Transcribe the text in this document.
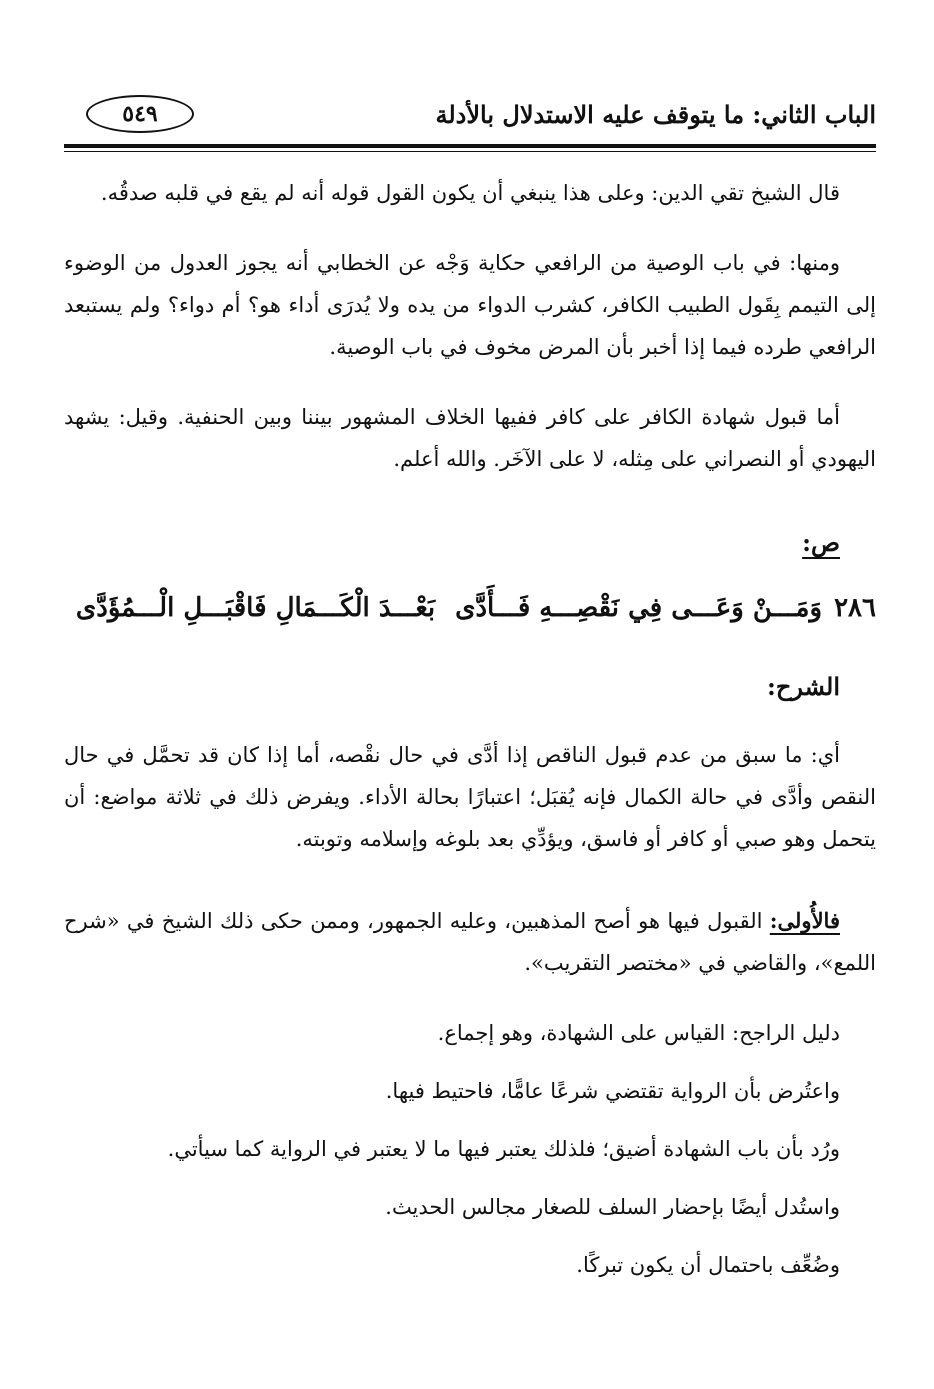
الباب الثاني: ما يتوقف عليه الاستدلال بالأدلة
٥٤٩
قال الشيخ تقي الدين: وعلى هذا ينبغي أن يكون القول قوله أنه لم يقع في قلبه صدقُه.
ومنها: في باب الوصية من الرافعي حكاية وَجْه عن الخطابي أنه يجوز العدول من الوضوء إلى التيمم بِقَول الطبيب الكافر، كشرب الدواء من يده ولا يُدرَى أداء هو؟ أم دواء؟ ولم يستبعد الرافعي طرده فيما إذا أخبر بأن المرض مخوف في باب الوصية.
أما قبول شهادة الكافر على كافر ففيها الخلاف المشهور بيننا وبين الحنفية. وقيل: يشهد اليهودي أو النصراني على مِثله، لا على الآخَر. والله أعلم.
ص:
٢٨٦
وَمَـــنْ وَعَـــى فِي نَقْصِـــهِ فَـــأَدَّى
بَعْـــدَ الْكَـــمَالِ فَاقْبَـــلِ الْـــمُؤَدَّى
الشرح:
أي: ما سبق من عدم قبول الناقص إذا أدَّى في حال نقْصه، أما إذا كان قد تحمَّل في حال النقص وأدَّى في حالة الكمال فإنه يُقبَل؛ اعتبارًا بحالة الأداء. ويفرض ذلك في ثلاثة مواضع: أن يتحمل وهو صبي أو كافر أو فاسق، ويؤدِّي بعد بلوغه وإسلامه وتوبته.
فالأُولى: القبول فيها هو أصح المذهبين، وعليه الجمهور، وممن حكى ذلك الشيخ في «شرح اللمع»، والقاضي في «مختصر التقريب».
دليل الراجح: القياس على الشهادة، وهو إجماع.
واعتُرض بأن الرواية تقتضي شرعًا عامًّا، فاحتيط فيها.
ورُد بأن باب الشهادة أضيق؛ فلذلك يعتبر فيها ما لا يعتبر في الرواية كما سيأتي.
واستُدل أيضًا بإحضار السلف للصغار مجالس الحديث.
وضُعِّف باحتمال أن يكون تبركًا.
